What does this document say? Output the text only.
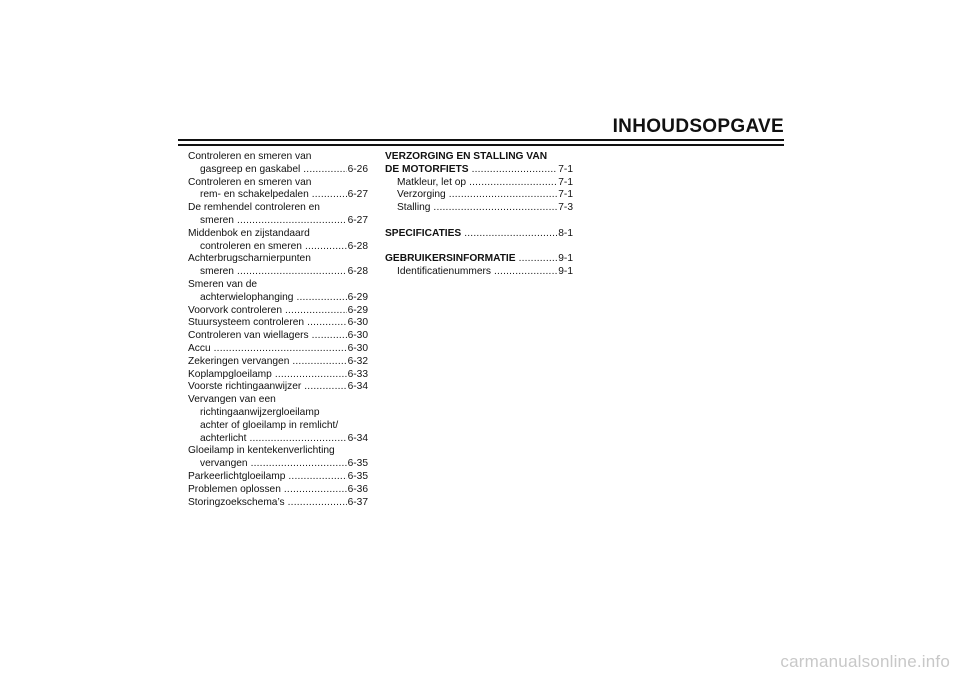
INHOUDSOPGAVE
Controleren en smeren van
gasgreep en gaskabel .....	6-26
Controleren en smeren van
rem- en schakelpedalen .....	6-27
De remhendel controleren en
smeren .....	6-27
Middenbok en zijstandaard
controleren en smeren .....	6-28
Achterbrugscharnierpunten
smeren .....	6-28
Smeren van de
achterwielophanging .....	6-29
Voorvork controleren .....	6-29
Stuursysteem controleren .....	6-30
Controleren van wiellagers .....	6-30
Accu .....	6-30
Zekeringen vervangen .....	6-32
Koplampgloeilamp .....	6-33
Voorste richtingaanwijzer .....	6-34
Vervangen van een
richtingaanwijzergloeilamp
achter of gloeilamp in remlicht/
achterlicht .....	6-34
Gloeilamp in kentekenverlichting
vervangen .....	6-35
Parkeerlichtgloeilamp .....	6-35
Problemen oplossen .....	6-36
Storingzoekschema’s .....	6-37
VERZORGING EN STALLING VAN
DE MOTORFIETS .....	7-1
Matkleur, let op .....	7-1
Verzorging .....	7-1
Stalling .....	7-3
SPECIFICATIES .....	8-1
GEBRUIKERSINFORMATIE .....	9-1
Identificatienummers .....	9-1
carmanualsonline.info
